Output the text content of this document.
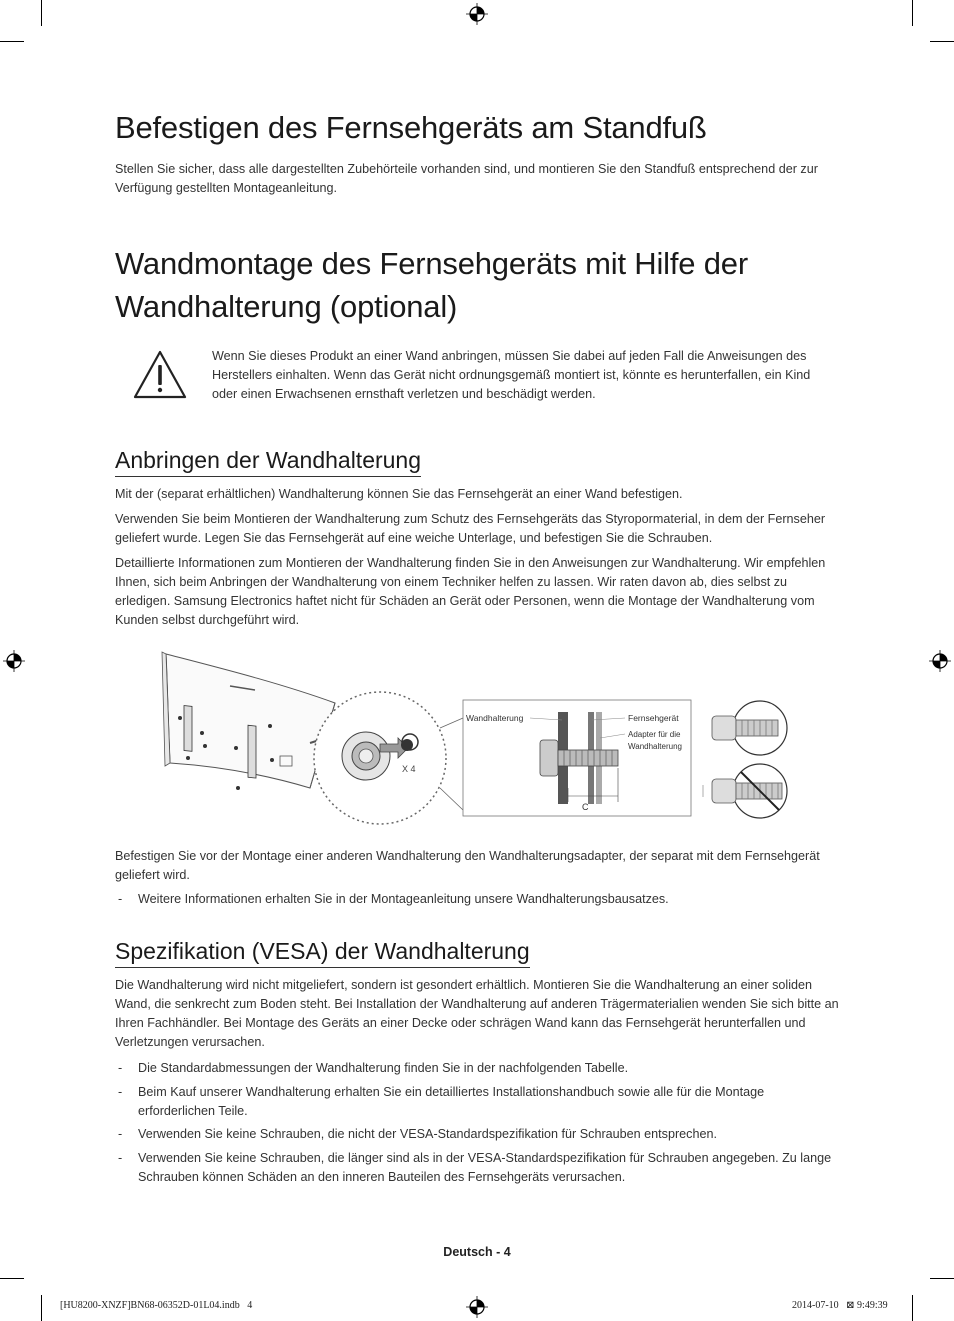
Befestigen des Fernsehgeräts am Standfuß
Stellen Sie sicher, dass alle dargestellten Zubehörteile vorhanden sind, und montieren Sie den Standfuß entsprechend der zur Verfügung gestellten Montageanleitung.
Wandmontage des Fernsehgeräts mit Hilfe der
Wandhalterung (optional)
Wenn Sie dieses Produkt an einer Wand anbringen, müssen Sie dabei auf jeden Fall die Anweisungen des Herstellers einhalten. Wenn das Gerät nicht ordnungsgemäß montiert ist, könnte es herunterfallen, ein Kind oder einen Erwachsenen ernsthaft verletzen und beschädigt werden.
Anbringen der Wandhalterung
Mit der (separat erhältlichen) Wandhalterung können Sie das Fernsehgerät an einer Wand befestigen.
Verwenden Sie beim Montieren der Wandhalterung zum Schutz des Fernsehgeräts das Styropormaterial, in dem der Fernseher geliefert wurde. Legen Sie das Fernsehgerät auf eine weiche Unterlage, und befestigen Sie die Schrauben.
Detaillierte Informationen zum Montieren der Wandhalterung finden Sie in den Anweisungen zur Wandhalterung. Wir empfehlen Ihnen, sich beim Anbringen der Wandhalterung von einem Techniker helfen zu lassen. Wir raten davon ab, dies selbst zu erledigen. Samsung Electronics haftet nicht für Schäden an Gerät oder Personen, wenn die Montage der Wandhalterung vom Kunden selbst durchgeführt wird.
X 4
Wandhalterung	Fernsehgerät
Adapter für die
Wandhalterung
C
Befestigen Sie vor der Montage einer anderen Wandhalterung den Wandhalterungsadapter, der separat mit dem Fernsehgerät geliefert wird.
- Weitere Informationen erhalten Sie in der Montageanleitung unsere Wandhalterungsbausatzes.
Spezifikation (VESA) der Wandhalterung
Die Wandhalterung wird nicht mitgeliefert, sondern ist gesondert erhältlich. Montieren Sie die Wandhalterung an einer soliden Wand, die senkrecht zum Boden steht. Bei Installation der Wandhalterung auf anderen Trägermaterialien wenden Sie sich bitte an Ihren Fachhändler. Bei Montage des Geräts an einer Decke oder schrägen Wand kann das Fernsehgerät herunterfallen und Verletzungen verursachen.
- Die Standardabmessungen der Wandhalterung finden Sie in der nachfolgenden Tabelle.
- Beim Kauf unserer Wandhalterung erhalten Sie ein detailliertes Installationshandbuch sowie alle für die Montage erforderlichen Teile.
- Verwenden Sie keine Schrauben, die nicht der VESA-Standardspezifikation für Schrauben entsprechen.
- Verwenden Sie keine Schrauben, die länger sind als in der VESA-Standardspezifikation für Schrauben angegeben. Zu lange Schrauben können Schäden an den inneren Bauteilen des Fernsehgeräts verursachen.
Deutsch - 4
[HU8200-XNZF]BN68-06352D-01L04.indb   4	2014-07-10   ⊠ 9:49:39
